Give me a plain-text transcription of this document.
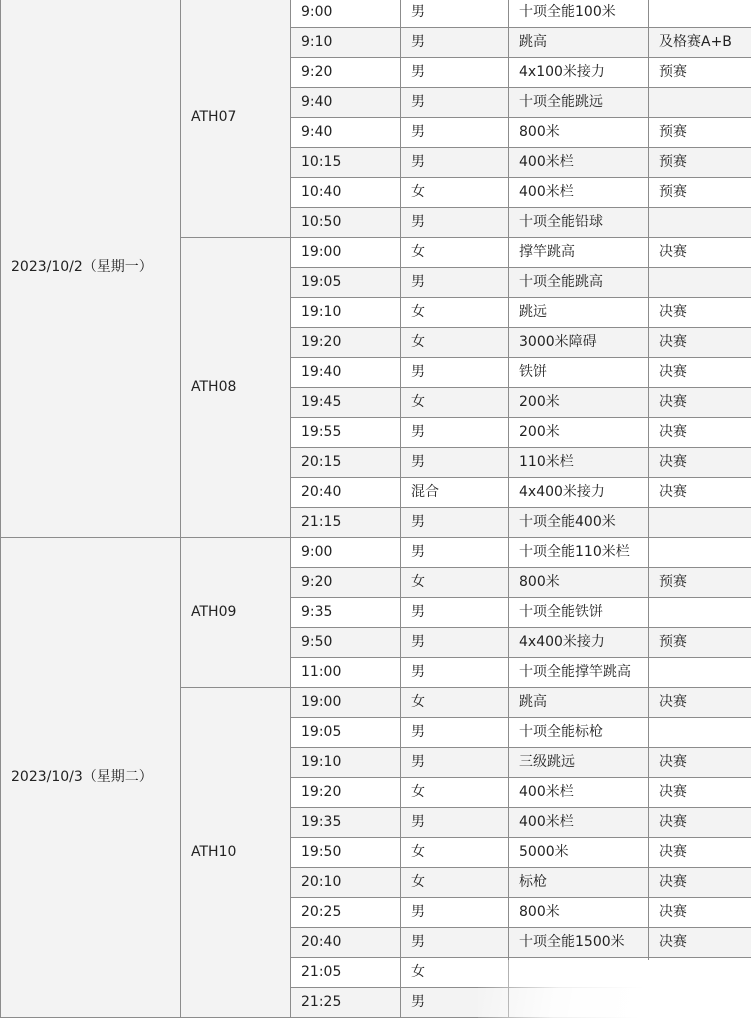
2023/10/2（星期一）	ATH07	9:00	男	十项全能100米	
		9:10	男	跳高	及格赛A+B
		9:20	男	4x100米接力	预赛
		9:40	男	十项全能跳远	
		9:40	男	800米	预赛
		10:15	男	400米栏	预赛
		10:40	女	400米栏	预赛
		10:50	男	十项全能铅球	
	ATH08	19:00	女	撑竿跳高	决赛
		19:05	男	十项全能跳高	
		19:10	女	跳远	决赛
		19:20	女	3000米障碍	决赛
		19:40	男	铁饼	决赛
		19:45	女	200米	决赛
		19:55	男	200米	决赛
		20:15	男	110米栏	决赛
		20:40	混合	4x400米接力	决赛
		21:15	男	十项全能400米	
2023/10/3（星期二）	ATH09	9:00	男	十项全能110米栏	
		9:20	女	800米	预赛
		9:35	男	十项全能铁饼	
		9:50	男	4x400米接力	预赛
		11:00	男	十项全能撑竿跳高	
	ATH10	19:00	女	跳高	决赛
		19:05	男	十项全能标枪	
		19:10	男	三级跳远	决赛
		19:20	女	400米栏	决赛
		19:35	男	400米栏	决赛
		19:50	女	5000米	决赛
		20:10	女	标枪	决赛
		20:25	男	800米	决赛
		20:40	男	十项全能1500米	决赛
		21:05	女		
		21:25	男		
